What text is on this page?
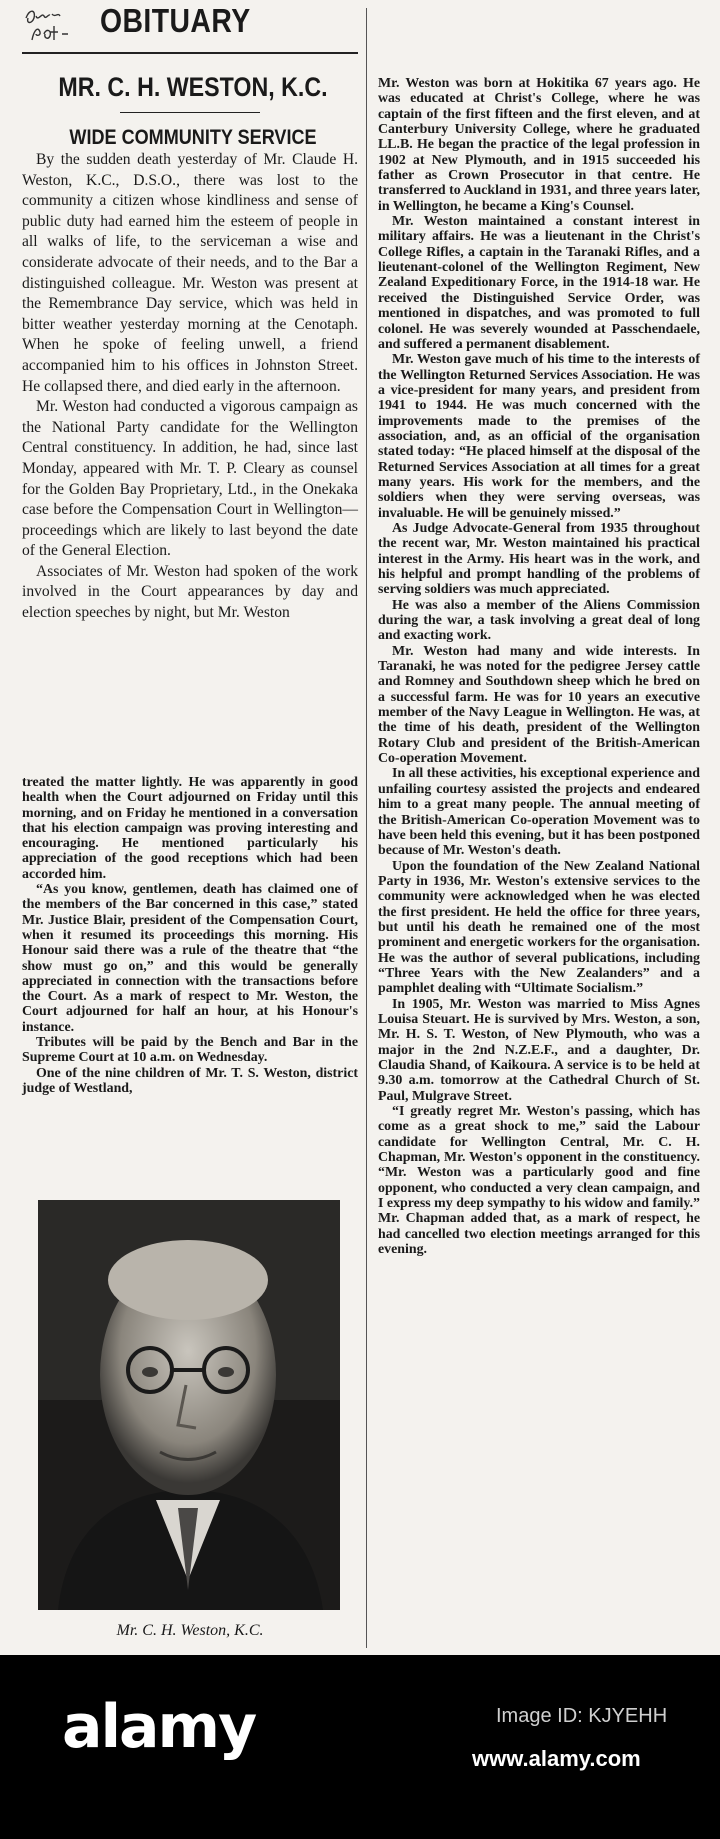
OBITUARY
MR. C. H. WESTON, K.C.
WIDE COMMUNITY SERVICE

By the sudden death yesterday of Mr. Claude H. Weston, K.C., D.S.O., there was lost to the community a citizen whose kindliness and sense of public duty had earned him the esteem of people in all walks of life, to the serviceman a wise and considerate advocate of their needs, and to the Bar a distinguished colleague. Mr. Weston was present at the Remembrance Day service, which was held in bitter weather yesterday morning at the Cenotaph. When he spoke of feeling unwell, a friend accompanied him to his offices in Johnston Street. He collapsed there, and died early in the afternoon.

Mr. Weston had conducted a vigorous campaign as the National Party candidate for the Wellington Central constituency. In addition, he had, since last Monday, appeared with Mr. T. P. Cleary as counsel for the Golden Bay Proprietary, Ltd., in the Onekaka case before the Compensation Court in Wellington—proceedings which are likely to last beyond the date of the General Election.

Associates of Mr. Weston had spoken of the work involved in the Court appearances by day and election speeches by night, but Mr. Weston

treated the matter lightly. He was apparently in good health when the Court adjourned on Friday until this morning, and on Friday he mentioned in a conversation that his election campaign was proving interesting and encouraging. He mentioned particularly his appreciation of the good receptions which had been accorded him.

“As you know, gentlemen, death has claimed one of the members of the Bar concerned in this case,” stated Mr. Justice Blair, president of the Compensation Court, when it resumed its proceedings this morning. His Honour said there was a rule of the theatre that “the show must go on,” and this would be generally appreciated in connection with the transactions before the Court. As a mark of respect to Mr. Weston, the Court adjourned for half an hour, at his Honour's instance.

Tributes will be paid by the Bench and Bar in the Supreme Court at 10 a.m. on Wednesday.

One of the nine children of Mr. T. S. Weston, district judge of Westland,

Mr. C. H. Weston, K.C.

Mr. Weston was born at Hokitika 67 years ago. He was educated at Christ's College, where he was captain of the first fifteen and the first eleven, and at Canterbury University College, where he graduated LL.B. He began the practice of the legal profession in 1902 at New Plymouth, and in 1915 succeeded his father as Crown Prosecutor in that centre. He transferred to Auckland in 1931, and three years later, in Wellington, he became a King's Counsel.

Mr. Weston maintained a constant interest in military affairs. He was a lieutenant in the Christ's College Rifles, a captain in the Taranaki Rifles, and a lieutenant-colonel of the Wellington Regiment, New Zealand Expeditionary Force, in the 1914-18 war. He received the Distinguished Service Order, was mentioned in dispatches, and was promoted to full colonel. He was severely wounded at Passchendaele, and suffered a permanent disablement.

Mr. Weston gave much of his time to the interests of the Wellington Returned Services Association. He was a vice-president for many years, and president from 1941 to 1944. He was much concerned with the improvements made to the premises of the association, and, as an official of the organisation stated today: “He placed himself at the disposal of the Returned Services Association at all times for a great many years. His work for the members, and the soldiers when they were serving overseas, was invaluable. He will be genuinely missed.”

As Judge Advocate-General from 1935 throughout the recent war, Mr. Weston maintained his practical interest in the Army. His heart was in the work, and his helpful and prompt handling of the problems of serving soldiers was much appreciated.

He was also a member of the Aliens Commission during the war, a task involving a great deal of long and exacting work.

Mr. Weston had many and wide interests. In Taranaki, he was noted for the pedigree Jersey cattle and Romney and Southdown sheep which he bred on a successful farm. He was for 10 years an executive member of the Navy League in Wellington. He was, at the time of his death, president of the Wellington Rotary Club and president of the British-American Co-operation Movement.

In all these activities, his exceptional experience and unfailing courtesy assisted the projects and endeared him to a great many people. The annual meeting of the British-American Co-operation Movement was to have been held this evening, but it has been postponed because of Mr. Weston's death.

Upon the foundation of the New Zealand National Party in 1936, Mr. Weston's extensive services to the community were acknowledged when he was elected the first president. He held the office for three years, but until his death he remained one of the most prominent and energetic workers for the organisation. He was the author of several publications, including “Three Years with the New Zealanders” and a pamphlet dealing with “Ultimate Socialism.”

In 1905, Mr. Weston was married to Miss Agnes Louisa Steuart. He is survived by Mrs. Weston, a son, Mr. H. S. T. Weston, of New Plymouth, who was a major in the 2nd N.Z.E.F., and a daughter, Dr. Claudia Shand, of Kaikoura. A service is to be held at 9.30 a.m. tomorrow at the Cathedral Church of St. Paul, Mulgrave Street.

“I greatly regret Mr. Weston's passing, which has come as a great shock to me,” said the Labour candidate for Wellington Central, Mr. C. H. Chapman, Mr. Weston's opponent in the constituency. “Mr. Weston was a particularly good and fine opponent, who conducted a very clean campaign, and I express my deep sympathy to his widow and family.” Mr. Chapman added that, as a mark of respect, he had cancelled two election meetings arranged for this evening.

alamy	Image ID: KJYEHH
www.alamy.com
